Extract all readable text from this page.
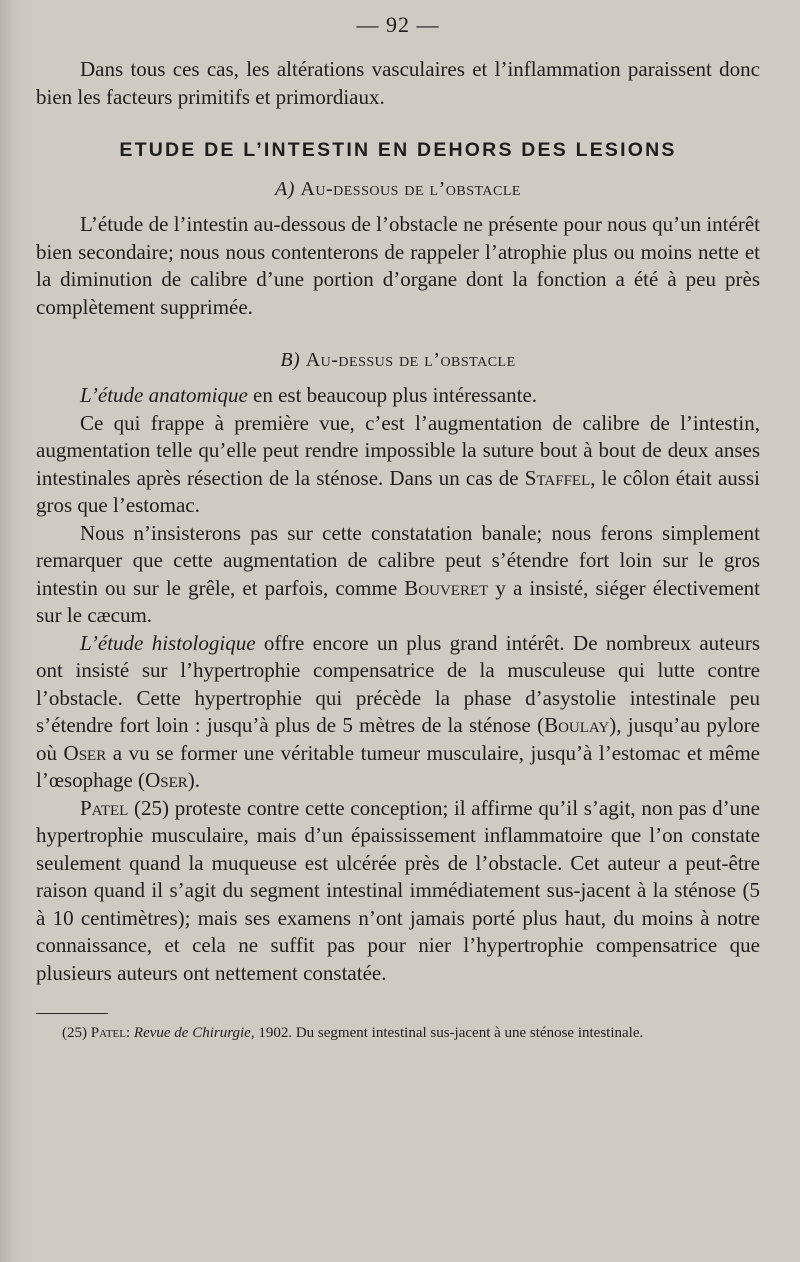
— 92 —

Dans tous ces cas, les altérations vasculaires et l’inflammation paraissent donc bien les facteurs primitifs et primordiaux.

ETUDE DE L’INTESTIN EN DEHORS DES LESIONS
A) Au-dessous de l’obstacle

L’étude de l’intestin au-dessous de l’obstacle ne présente pour nous qu’un intérêt bien secondaire; nous nous contenterons de rappeler l’atrophie plus ou moins nette et la diminution de calibre d’une portion d’organe dont la fonction a été à peu près complètement supprimée.

B) Au-dessus de l’obstacle

L’étude anatomique en est beaucoup plus intéressante.

Ce qui frappe à première vue, c’est l’augmentation de calibre de l’intestin, augmentation telle qu’elle peut rendre impossible la suture bout à bout de deux anses intestinales après résection de la sténose. Dans un cas de Staffel, le côlon était aussi gros que l’estomac.

Nous n’insisterons pas sur cette constatation banale; nous ferons simplement remarquer que cette augmentation de calibre peut s’étendre fort loin sur le gros intestin ou sur le grêle, et parfois, comme Bouveret y a insisté, siéger électivement sur le cæcum.

L’étude histologique offre encore un plus grand intérêt. De nombreux auteurs ont insisté sur l’hypertrophie compensatrice de la musculeuse qui lutte contre l’obstacle. Cette hypertrophie qui précède la phase d’asystolie intestinale peu s’étendre fort loin : jusqu’à plus de 5 mètres de la sténose (Boulay), jusqu’au pylore où Oser a vu se former une véritable tumeur musculaire, jusqu’à l’estomac et même l’œsophage (Oser).

Patel (25) proteste contre cette conception; il affirme qu’il s’agit, non pas d’une hypertrophie musculaire, mais d’un épaississement inflammatoire que l’on constate seulement quand la muqueuse est ulcérée près de l’obstacle. Cet auteur a peut-être raison quand il s’agit du segment intestinal immédiatement sus-jacent à la sténose (5 à 10 centimètres); mais ses examens n’ont jamais porté plus haut, du moins à notre connaissance, et cela ne suffit pas pour nier l’hypertrophie compensatrice que plusieurs auteurs ont nettement constatée.

(25) Patel: Revue de Chirurgie, 1902. Du segment intestinal sus-jacent à une sténose intestinale.
